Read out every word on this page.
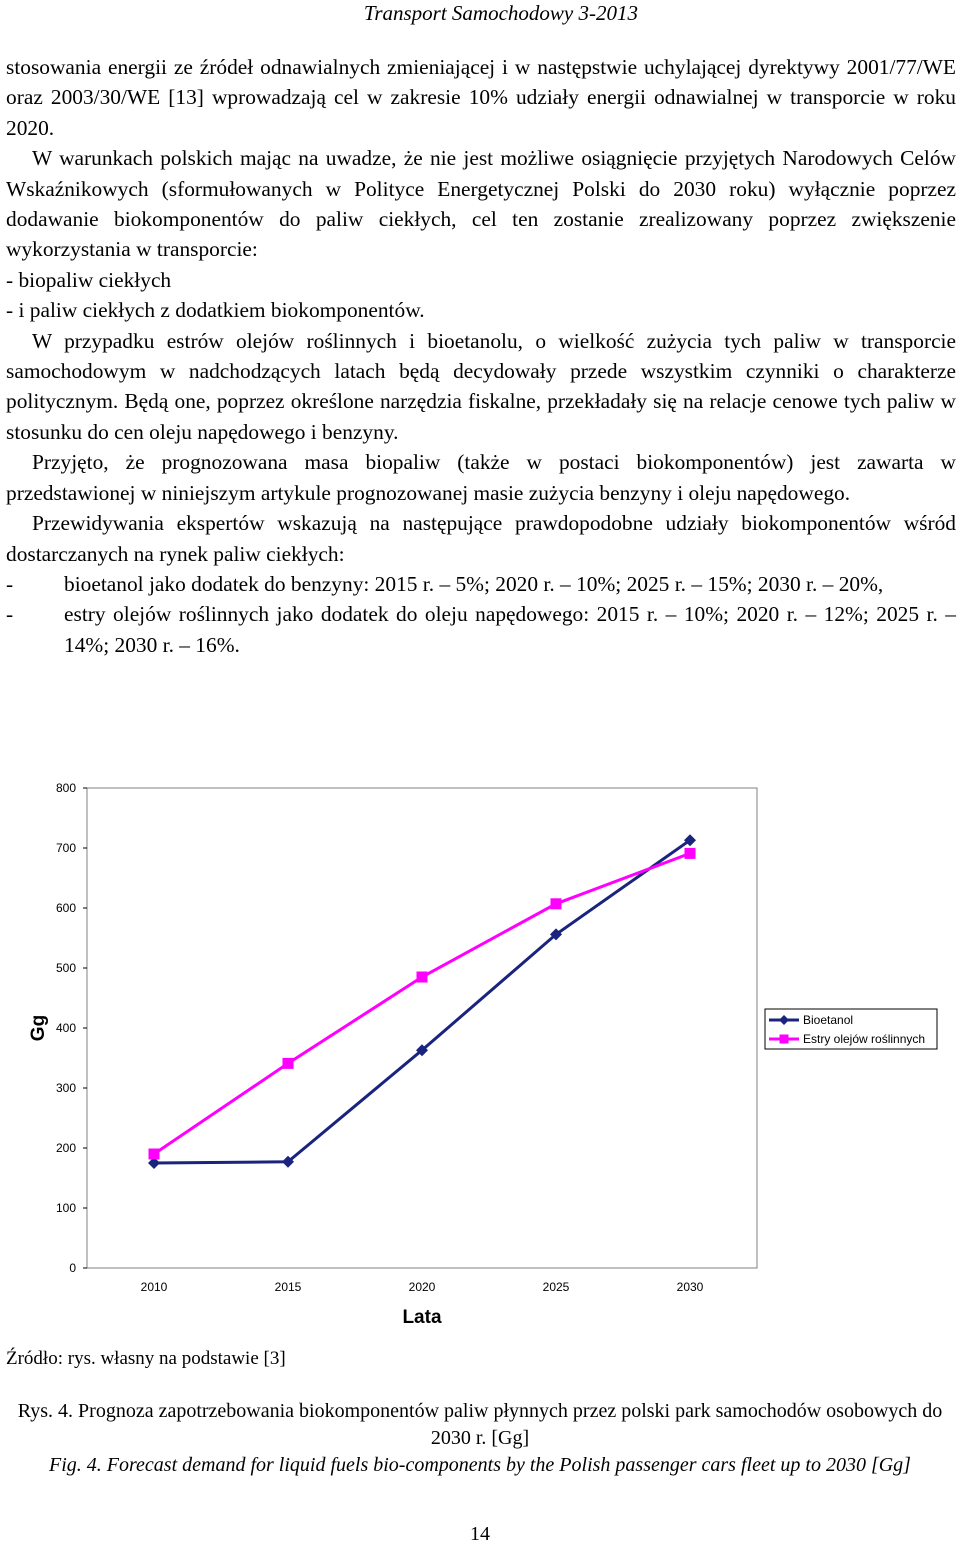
Transport Samochodowy 3-2013

stosowania energii ze źródeł odnawialnych zmieniającej i w następstwie uchylającej dyrektywy 2001/77/WE oraz 2003/30/WE [13] wprowadzają cel w zakresie 10% udziały energii odnawialnej w transporcie w roku 2020.

W warunkach polskich mając na uwadze, że nie jest możliwe osiągnięcie przyjętych Narodowych Celów Wskaźnikowych (sformułowanych w Polityce Energetycznej Polski do 2030 roku) wyłącznie poprzez dodawanie biokomponentów do paliw ciekłych, cel ten zostanie zrealizowany poprzez zwiększenie wykorzystania w transporcie:

- biopaliw ciekłych

- i paliw ciekłych z dodatkiem biokomponentów.

W przypadku estrów olejów roślinnych i bioetanolu, o wielkość zużycia tych paliw w transporcie samochodowym w nadchodzących latach będą decydowały przede wszystkim czynniki o charakterze politycznym. Będą one, poprzez określone narzędzia fiskalne, przekładały się na relacje cenowe tych paliw w stosunku do cen oleju napędowego i benzyny.

Przyjęto, że prognozowana masa biopaliw (także w postaci biokomponentów) jest zawarta w przedstawionej w niniejszym artykule prognozowanej masie zużycia benzyny i oleju napędowego.

Przewidywania ekspertów wskazują na następujące prawdopodobne udziały biokomponentów wśród dostarczanych na rynek paliw ciekłych:

-	bioetanol jako dodatek do benzyny: 2015 r. – 5%; 2020 r. – 10%; 2025 r. – 15%; 2030 r. – 20%,
-	estry olejów roślinnych jako dodatek do oleju napędowego: 2015 r. – 10%; 2020 r. – 12%; 2025 r. – 14%; 2030 r. – 16%.
0
100
200
300
400
500
600
700
800
2010	2015	2020	2025	2030
Gg
Lata
Bioetanol
Estry olejów roślinnych
Źródło: rys. własny na podstawie [3]
Rys. 4. Prognoza zapotrzebowania biokomponentów paliw płynnych przez polski park samochodów osobowych do 2030 r. [Gg]
Fig. 4. Forecast demand for liquid fuels bio-components by the Polish passenger cars fleet up to 2030 [Gg]
14
